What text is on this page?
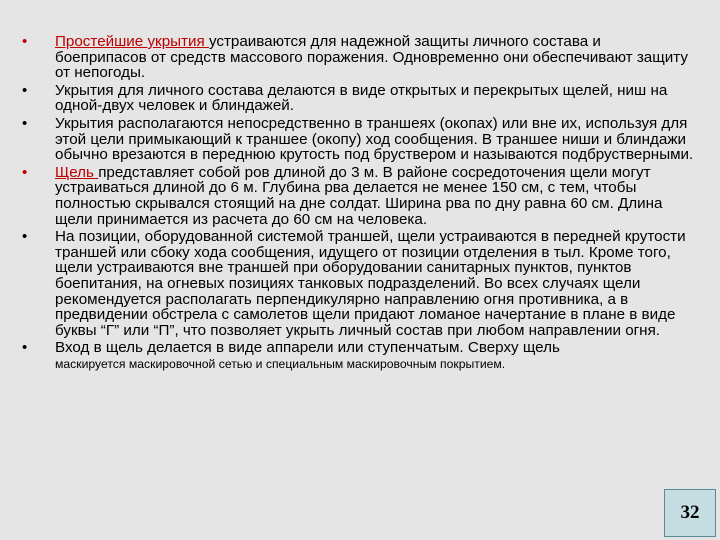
•	Простейшие укрытия устраиваются для надежной защиты личного состава и боеприпасов от средств массового поражения. Одновременно они обеспечивают защиту от непогоды.
•	Укрытия для личного состава делаются в виде открытых и перекрытых щелей, ниш на одной-двух человек и блиндажей.
•	Укрытия располагаются непосредственно в траншеях (окопах) или вне их, используя для этой цели примыкающий к траншее (окопу) ход сообщения. В траншее ниши и блиндажи обычно врезаются в переднюю крутость под бруствером и называются подбрустверными.
•	Щель представляет собой ров длиной до 3 м. В районе сосредоточения щели могут устраиваться длиной до 6 м. Глубина рва делается не менее 150 см, с тем, чтобы полностью скрывался стоящий на дне солдат. Ширина рва по дну равна 60 см. Длина щели принимается из расчета до 60 см на человека.
•	На позиции, оборудованной системой траншей, щели устраиваются в передней крутости траншей или сбоку хода сообщения, идущего от позиции отделения в тыл. Кроме того, щели устраиваются вне траншей при оборудовании санитарных пунктов, пунктов боепитания, на огневых позициях танковых подразделений. Во всех случаях щели рекомендуется располагать перпендикулярно направлению огня противника, а в предвидении обстрела с самолетов щели придают ломаное начертание в плане в виде буквы “Г” или “П”, что позволяет укрыть личный состав при любом направлении огня.
•	Вход в щель делается в виде аппарели или ступенчатым. Сверху щель
маскируется маскировочной сетью и специальным маскировочным покрытием.
32
